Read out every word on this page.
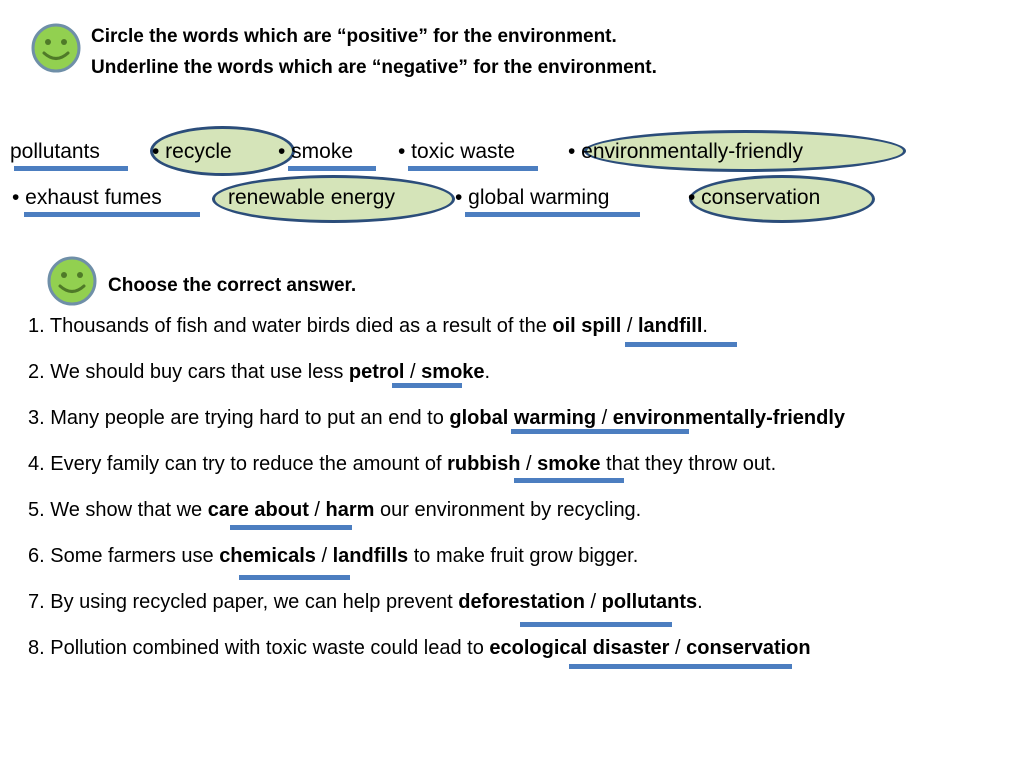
Circle the words which are “positive” for the environment.
Underline the words which are “negative” for the environment.
pollutants • recycle • smoke • toxic waste	• environmentally-friendly
• exhaust fumes	renewable energy	• global warming	• conservation
Choose the correct answer.
1. Thousands of fish and water birds died as a result of the oil spill / landfill.
2. We should buy cars that use less petrol / smoke.
3. Many people are trying hard to put an end to global warming / environmentally-friendly
4. Every family can try to reduce the amount of rubbish / smoke that they throw out.
5. We show that we care about / harm our environment by recycling.
6. Some farmers use chemicals / landfills to make fruit grow bigger.
7. By using recycled paper, we can help prevent deforestation / pollutants.
8. Pollution combined with toxic waste could lead to ecological disaster / conservation
